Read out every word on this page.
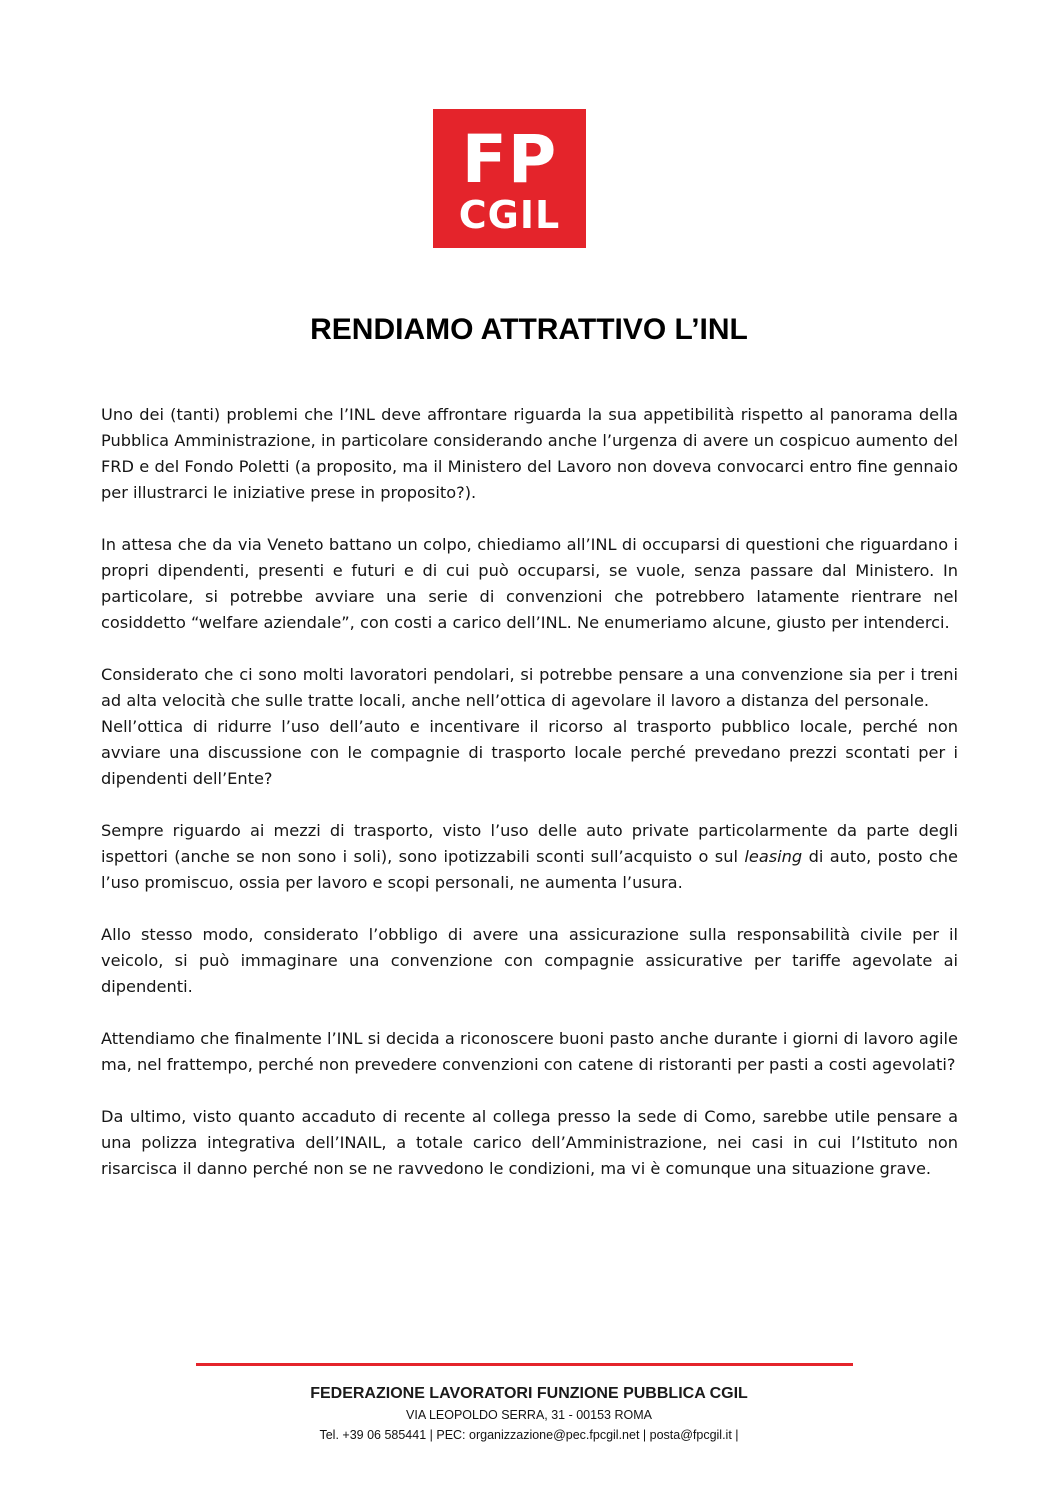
FP
CGIL
RENDIAMO ATTRATTIVO L’INL

Uno dei (tanti) problemi che l’INL deve affrontare riguarda la sua appetibilità rispetto al panorama della Pubblica Amministrazione, in particolare considerando anche l’urgenza di avere un cospicuo aumento del FRD e del Fondo Poletti (a proposito, ma il Ministero del Lavoro non doveva convocarci entro fine gennaio per illustrarci le iniziative prese in proposito?).

In attesa che da via Veneto battano un colpo, chiediamo all’INL di occuparsi di questioni che riguardano i propri dipendenti, presenti e futuri e di cui può occuparsi, se vuole, senza passare dal Ministero. In particolare, si potrebbe avviare una serie di convenzioni che potrebbero latamente rientrare nel cosiddetto “welfare aziendale”, con costi a carico dell’INL. Ne enumeriamo alcune, giusto per intenderci.

Considerato che ci sono molti lavoratori pendolari, si potrebbe pensare a una convenzione sia per i treni ad alta velocità che sulle tratte locali, anche nell’ottica di agevolare il lavoro a distanza del personale.

Nell’ottica di ridurre l’uso dell’auto e incentivare il ricorso al trasporto pubblico locale, perché non avviare una discussione con le compagnie di trasporto locale perché prevedano prezzi scontati per i dipendenti dell’Ente?

Sempre riguardo ai mezzi di trasporto, visto l’uso delle auto private particolarmente da parte degli ispettori (anche se non sono i soli), sono ipotizzabili sconti sull’acquisto o sul leasing di auto, posto che l’uso promiscuo, ossia per lavoro e scopi personali, ne aumenta l’usura.

Allo stesso modo, considerato l’obbligo di avere una assicurazione sulla responsabilità civile per il veicolo, si può immaginare una convenzione con compagnie assicurative per tariffe agevolate ai dipendenti.

Attendiamo che finalmente l’INL si decida a riconoscere buoni pasto anche durante i giorni di lavoro agile ma, nel frattempo, perché non prevedere convenzioni con catene di ristoranti per pasti a costi agevolati?

Da ultimo, visto quanto accaduto di recente al collega presso la sede di Como, sarebbe utile pensare a una polizza integrativa dell’INAIL, a totale carico dell’Amministrazione, nei casi in cui l’Istituto non risarcisca il danno perché non se ne ravvedono le condizioni, ma vi è comunque una situazione grave.

FEDERAZIONE LAVORATORI FUNZIONE PUBBLICA CGIL
VIA LEOPOLDO SERRA, 31 - 00153 ROMA
Tel. +39 06 585441 | PEC: organizzazione@pec.fpcgil.net | posta@fpcgil.it |
